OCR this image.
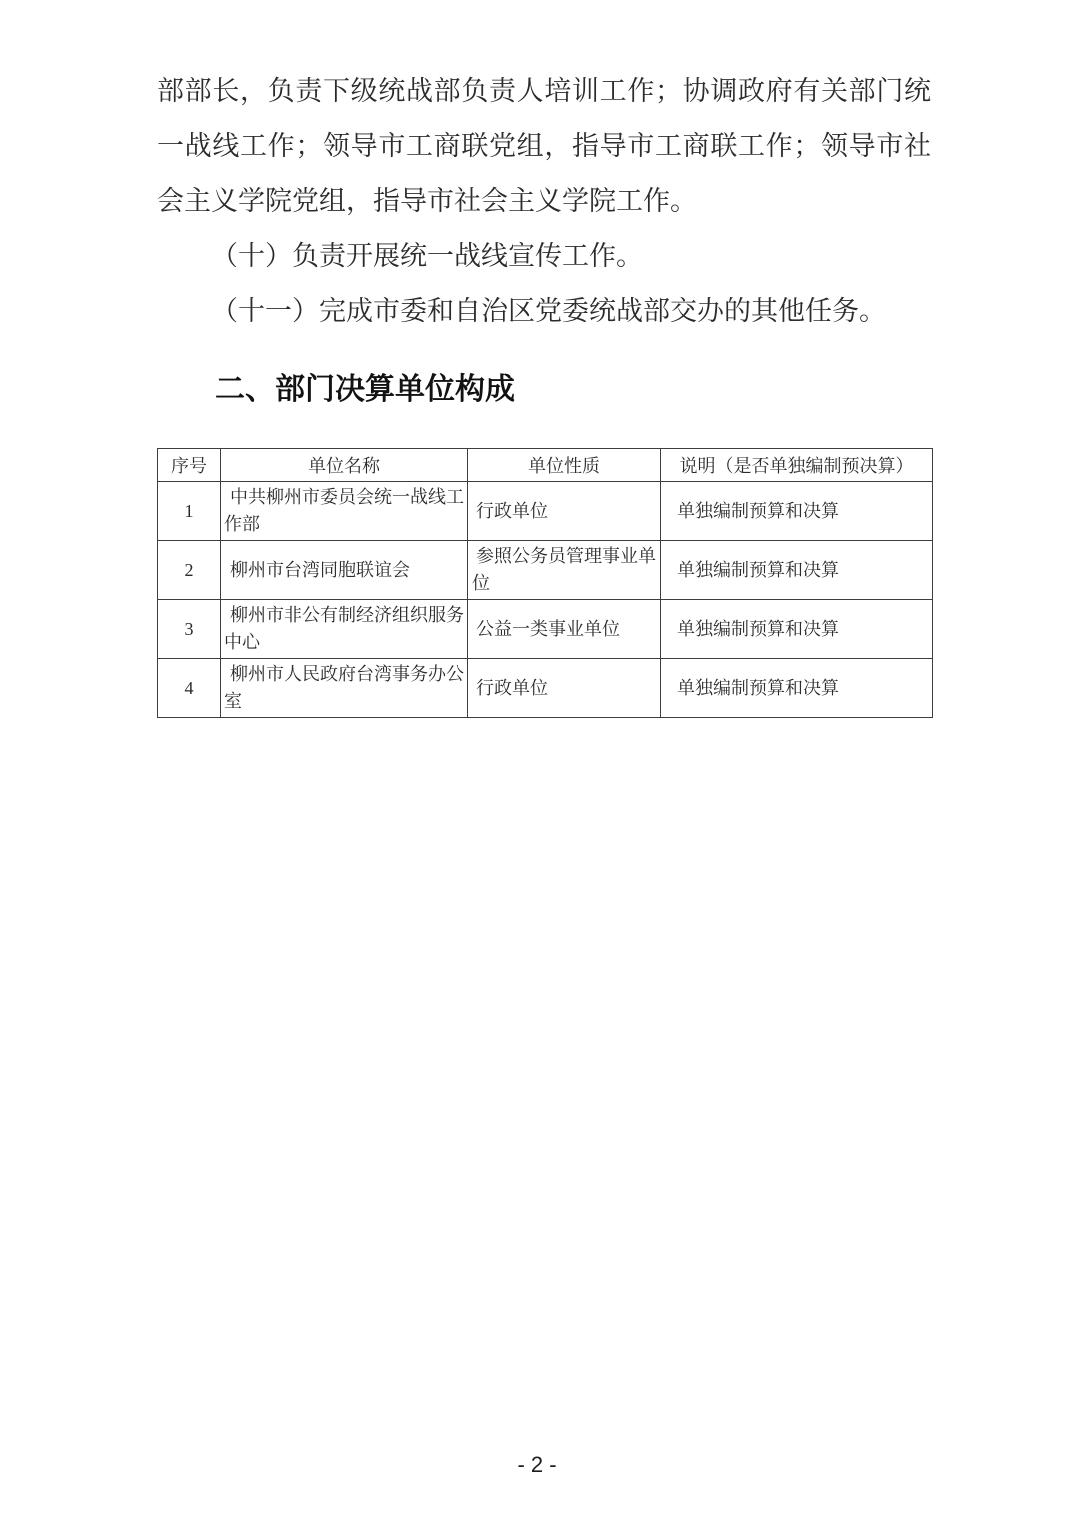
部部长，负责下级统战部负责人培训工作；协调政府有关部门统一战线工作；领导市工商联党组，指导市工商联工作；领导市社会主义学院党组，指导市社会主义学院工作。

（十）负责开展统一战线宣传工作。

（十一）完成市委和自治区党委统战部交办的其他任务。

二、部门决算单位构成
序号	单位名称	单位性质	说明（是否单独编制预决算）
1	中共柳州市委员会统一战线工作部	行政单位	单独编制预算和决算
2	柳州市台湾同胞联谊会	参照公务员管理事业单位	单独编制预算和决算
3	柳州市非公有制经济组织服务中心	公益一类事业单位	单独编制预算和决算
4	柳州市人民政府台湾事务办公室	行政单位	单独编制预算和决算
- 2 -
